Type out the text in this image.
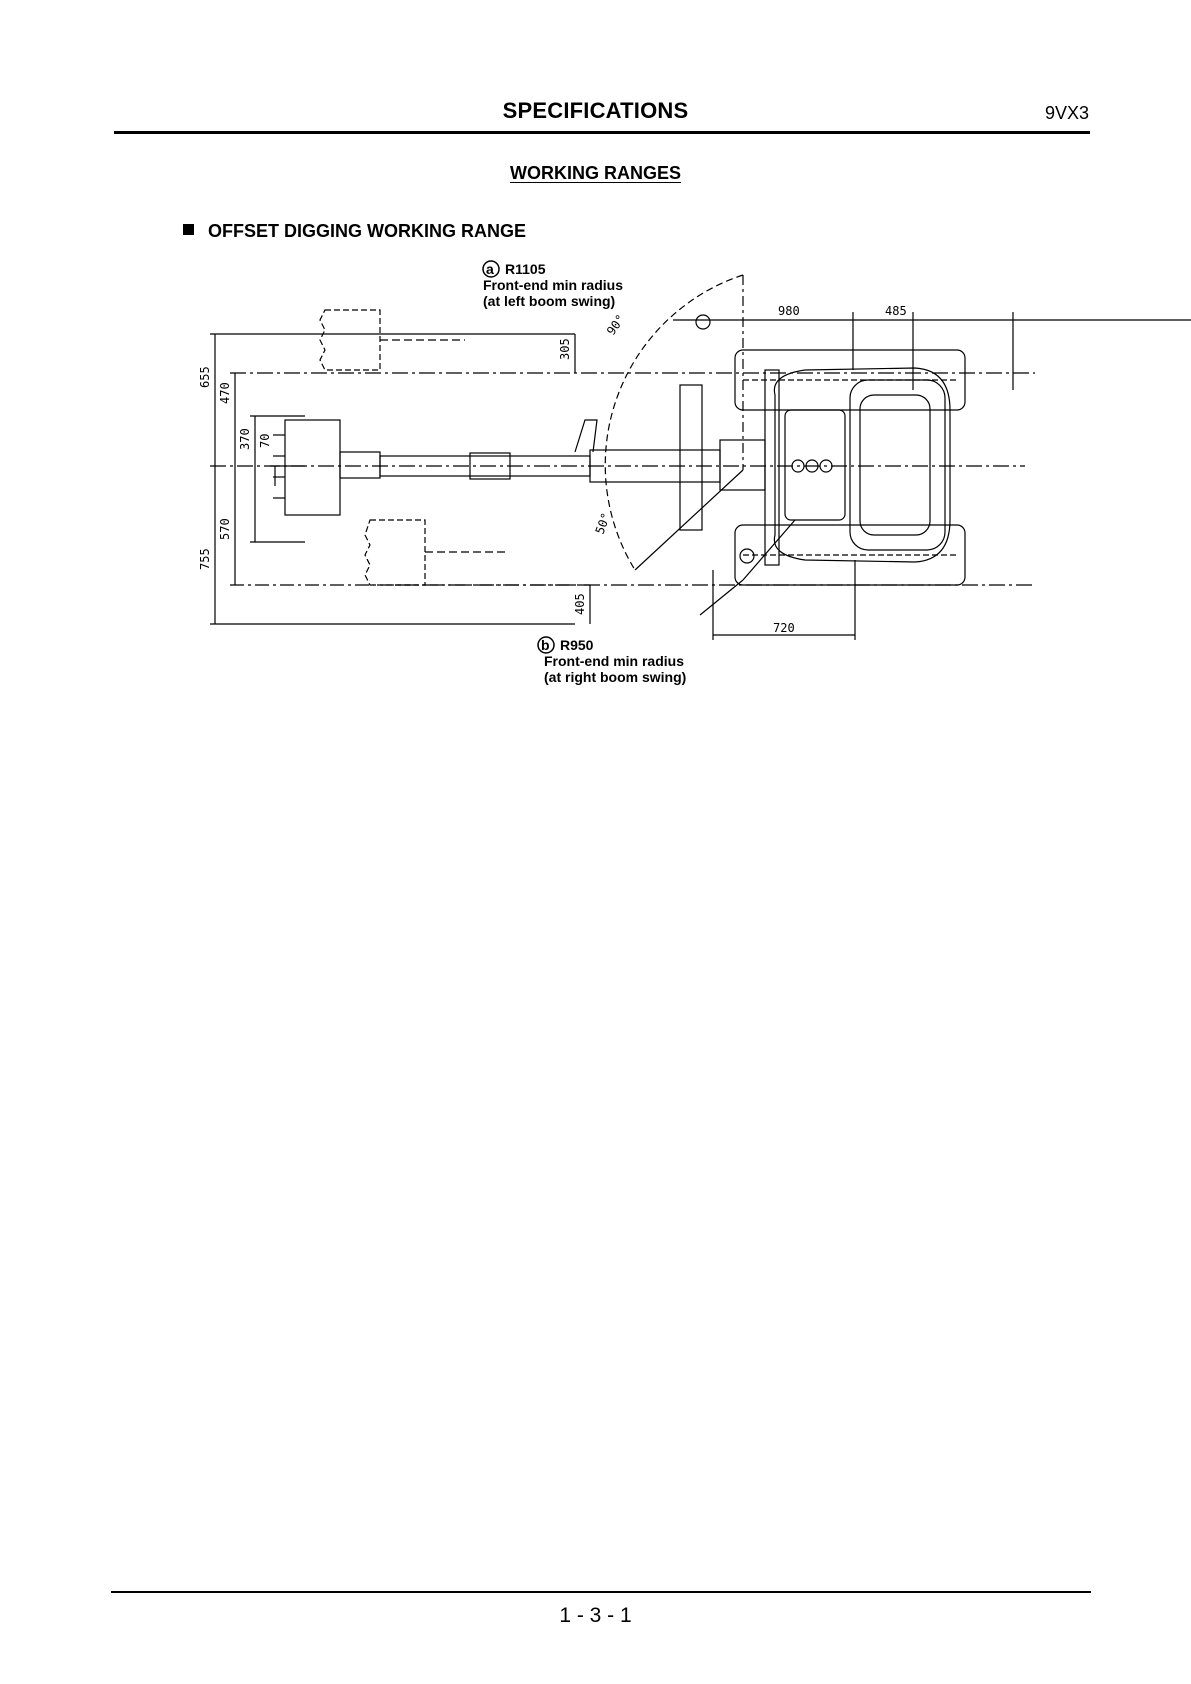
SPECIFICATIONS	9VX3
WORKING RANGES
OFFSET DIGGING WORKING RANGE
980	485
305
655
470
370 70
570
755
405
720
90°
50°
a R1105
Front-end min radius
(at left boom swing)
b R950
Front-end min radius
(at right boom swing)
1 - 3 - 1
